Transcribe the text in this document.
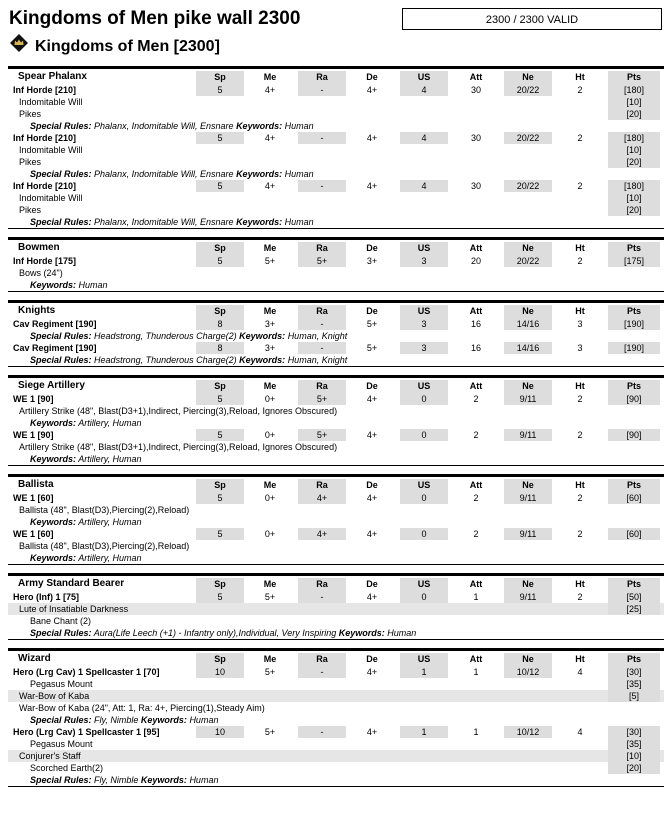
Kingdoms of Men pike wall 2300	2300 / 2300 VALID
Kingdoms of Men [2300]
Spear Phalanx	Sp	Me	Ra	De	US	Att	Ne	Ht	Pts
Inf Horde [210]	5	4+	-	4+	4	30	20/22	2	[180]
Indomitable Will	[10]
Pikes	[20]
Special Rules: Phalanx, Indomitable Will, Ensnare Keywords: Human
Inf Horde [210]	5	4+	-	4+	4	30	20/22	2	[180]
Indomitable Will	[10]
Pikes	[20]
Special Rules: Phalanx, Indomitable Will, Ensnare Keywords: Human
Inf Horde [210]	5	4+	-	4+	4	30	20/22	2	[180]
Indomitable Will	[10]
Pikes	[20]
Special Rules: Phalanx, Indomitable Will, Ensnare Keywords: Human
Bowmen	Sp	Me	Ra	De	US	Att	Ne	Ht	Pts
Inf Horde [175]	5	5+	5+	3+	3	20	20/22	2	[175]
Bows (24")
Keywords: Human
Knights	Sp	Me	Ra	De	US	Att	Ne	Ht	Pts
Cav Regiment [190]	8	3+	-	5+	3	16	14/16	3	[190]
Special Rules: Headstrong, Thunderous Charge(2) Keywords: Human, Knight
Cav Regiment [190]	8	3+	-	5+	3	16	14/16	3	[190]
Special Rules: Headstrong, Thunderous Charge(2) Keywords: Human, Knight
Siege Artillery	Sp	Me	Ra	De	US	Att	Ne	Ht	Pts
WE 1 [90]	5	0+	5+	4+	0	2	9/11	2	[90]
Artillery Strike (48", Blast(D3+1),Indirect, Piercing(3),Reload, Ignores Obscured)
Keywords: Artillery, Human
WE 1 [90]	5	0+	5+	4+	0	2	9/11	2	[90]
Artillery Strike (48", Blast(D3+1),Indirect, Piercing(3),Reload, Ignores Obscured)
Keywords: Artillery, Human
Ballista	Sp	Me	Ra	De	US	Att	Ne	Ht	Pts
WE 1 [60]	5	0+	4+	4+	0	2	9/11	2	[60]
Ballista (48", Blast(D3),Piercing(2),Reload)
Keywords: Artillery, Human
WE 1 [60]	5	0+	4+	4+	0	2	9/11	2	[60]
Ballista (48", Blast(D3),Piercing(2),Reload)
Keywords: Artillery, Human
Army Standard Bearer	Sp	Me	Ra	De	US	Att	Ne	Ht	Pts
Hero (Inf) 1 [75]	5	5+	-	4+	0	1	9/11	2	[50]
Lute of Insatiable Darkness	[25]
Bane Chant (2)
Special Rules: Aura(Life Leech (+1) - Infantry only),Individual, Very Inspiring Keywords: Human
Wizard	Sp	Me	Ra	De	US	Att	Ne	Ht	Pts
Hero (Lrg Cav) 1 Spellcaster 1 [70]	10	5+	-	4+	1	1	10/12	4	[30]
Pegasus Mount	[35]
War-Bow of Kaba	[5]
War-Bow of Kaba (24", Att: 1, Ra: 4+, Piercing(1),Steady Aim)
Special Rules: Fly, Nimble Keywords: Human
Hero (Lrg Cav) 1 Spellcaster 1 [95]	10	5+	-	4+	1	1	10/12	4	[30]
Pegasus Mount	[35]
Conjurer's Staff	[10]
Scorched Earth(2)	[20]
Special Rules: Fly, Nimble Keywords: Human
